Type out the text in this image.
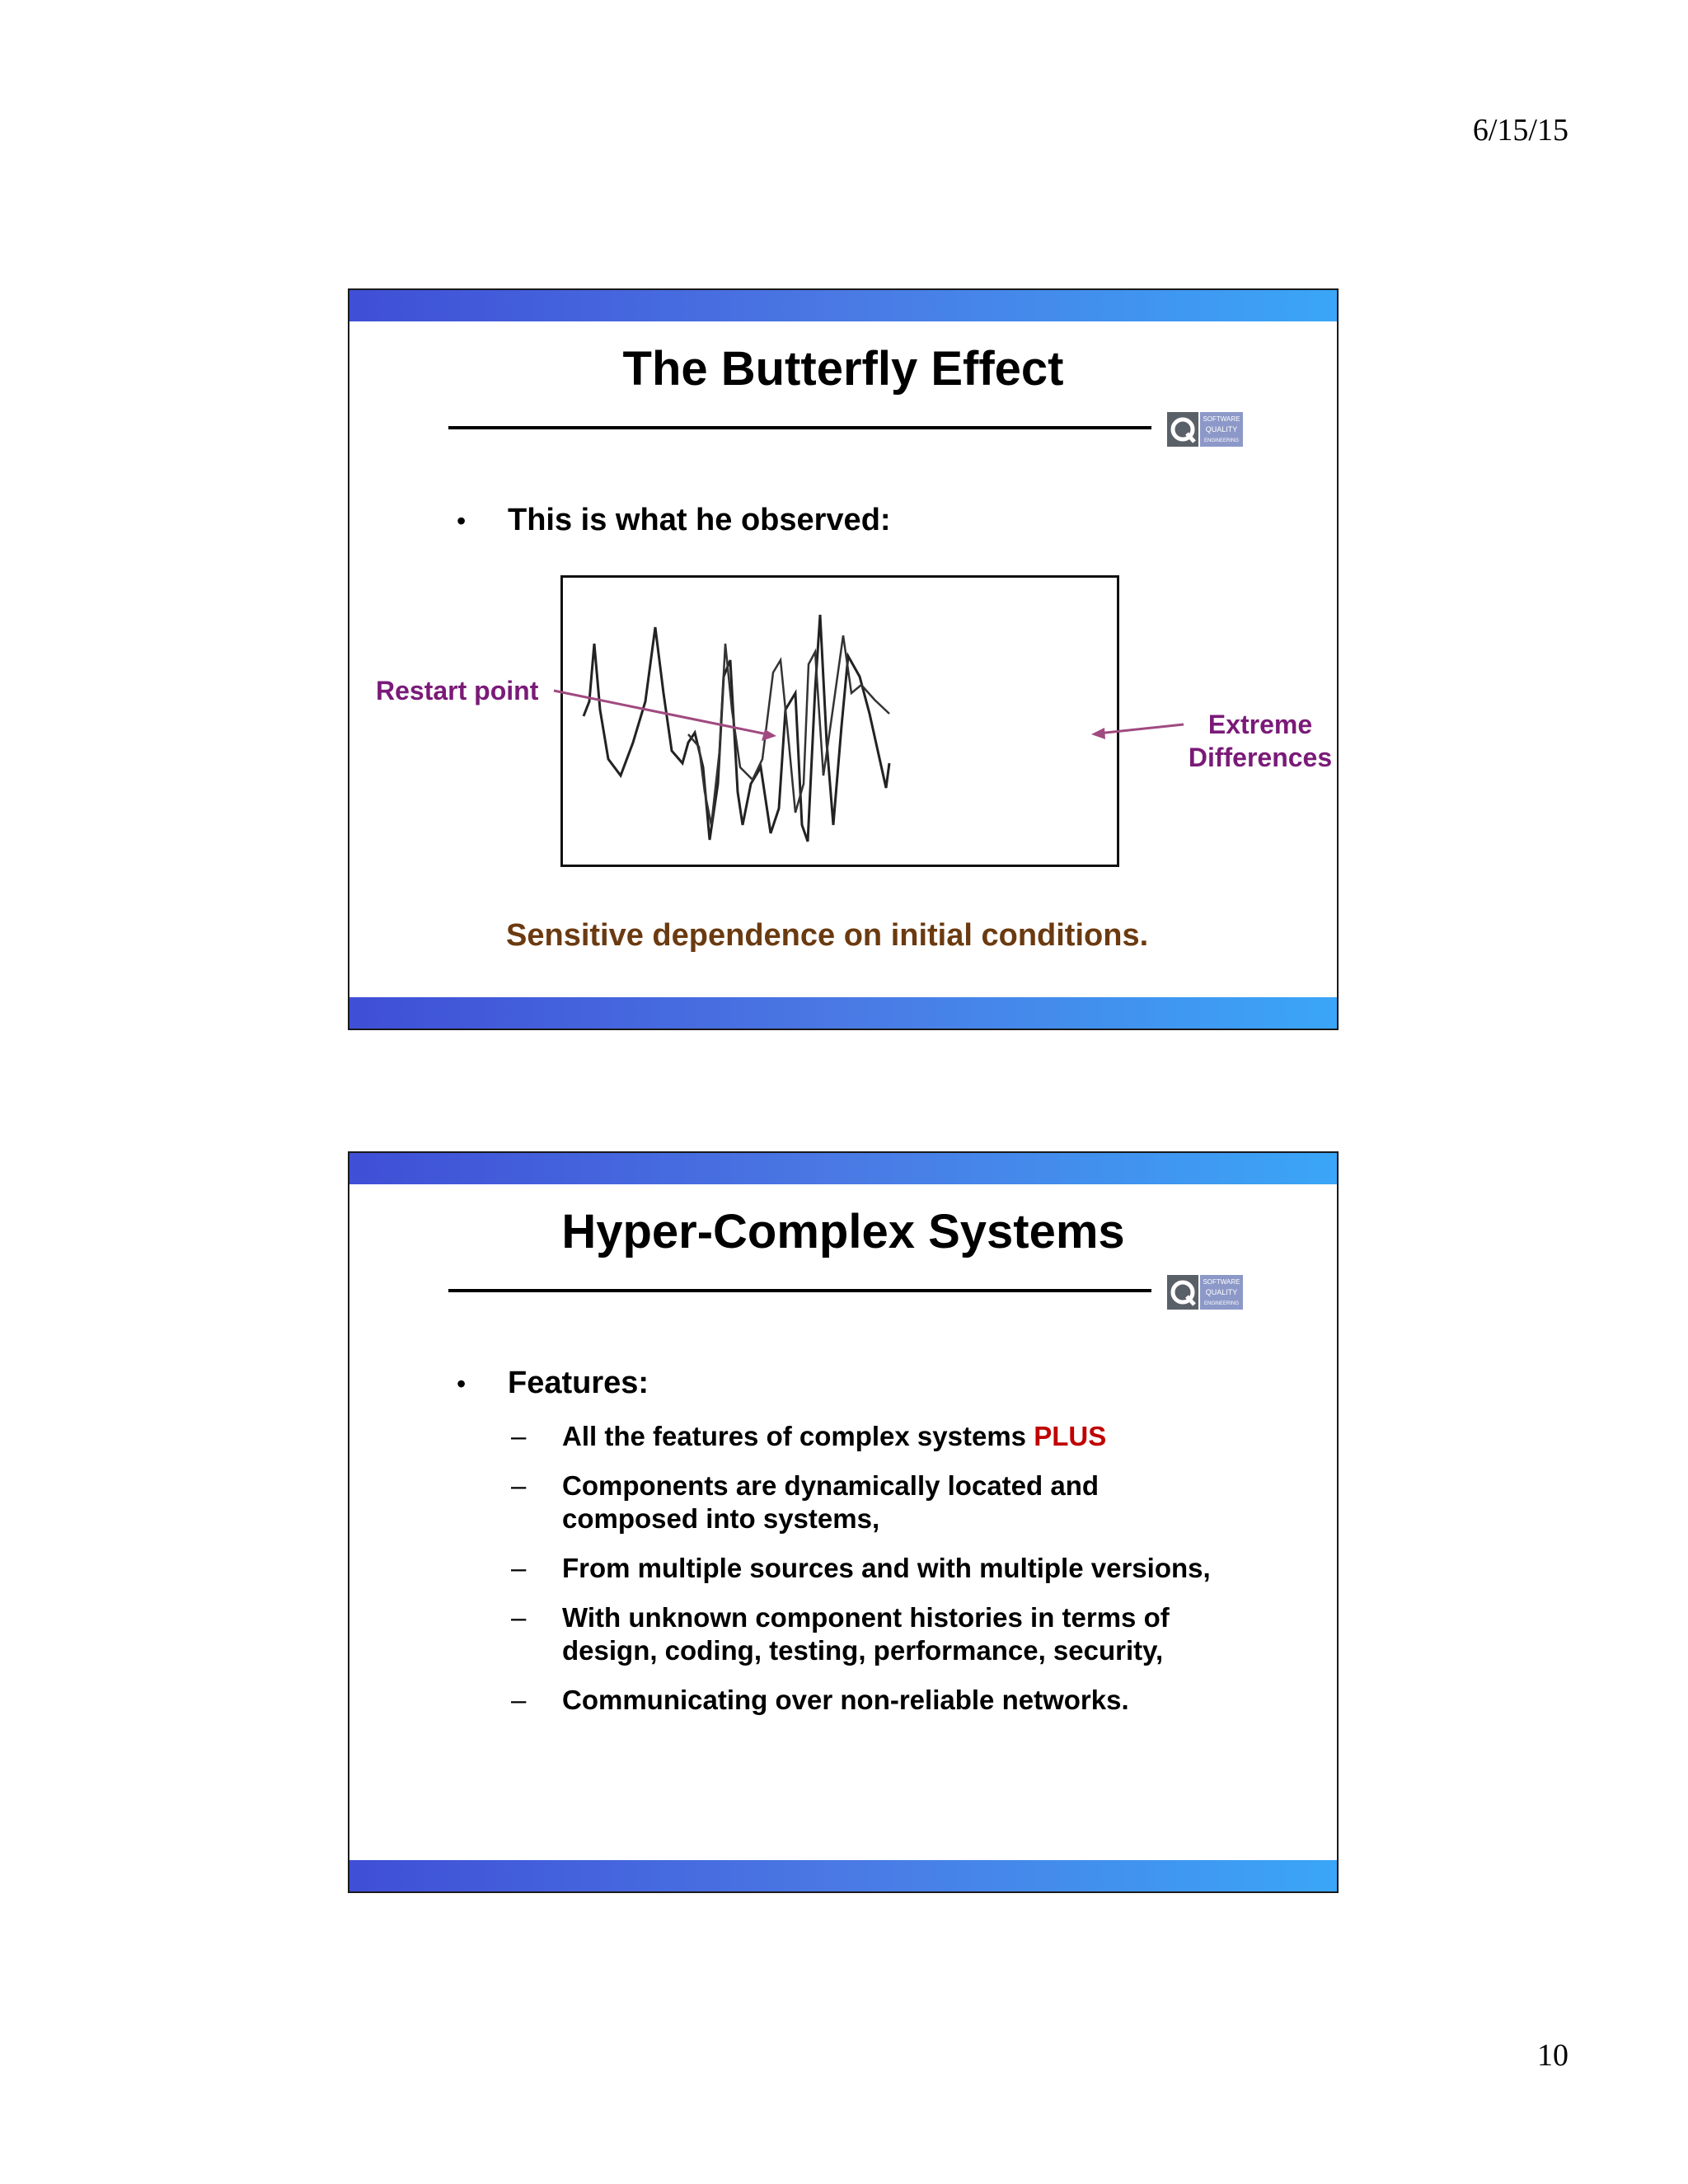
6/15/15
The Butterfly Effect
SOFTWARE
QUALITY
ENGINEERING
• This is what he observed:
Restart point
Extreme
Differences
Sensitive dependence on initial conditions.
Hyper-Complex Systems
SOFTWARE
QUALITY
ENGINEERING
• Features:
– All the features of complex systems PLUS
– Components are dynamically located and
composed into systems,
– From multiple sources and with multiple versions,
– With unknown component histories in terms of
design, coding, testing, performance, security,
– Communicating over non-reliable networks.
10
